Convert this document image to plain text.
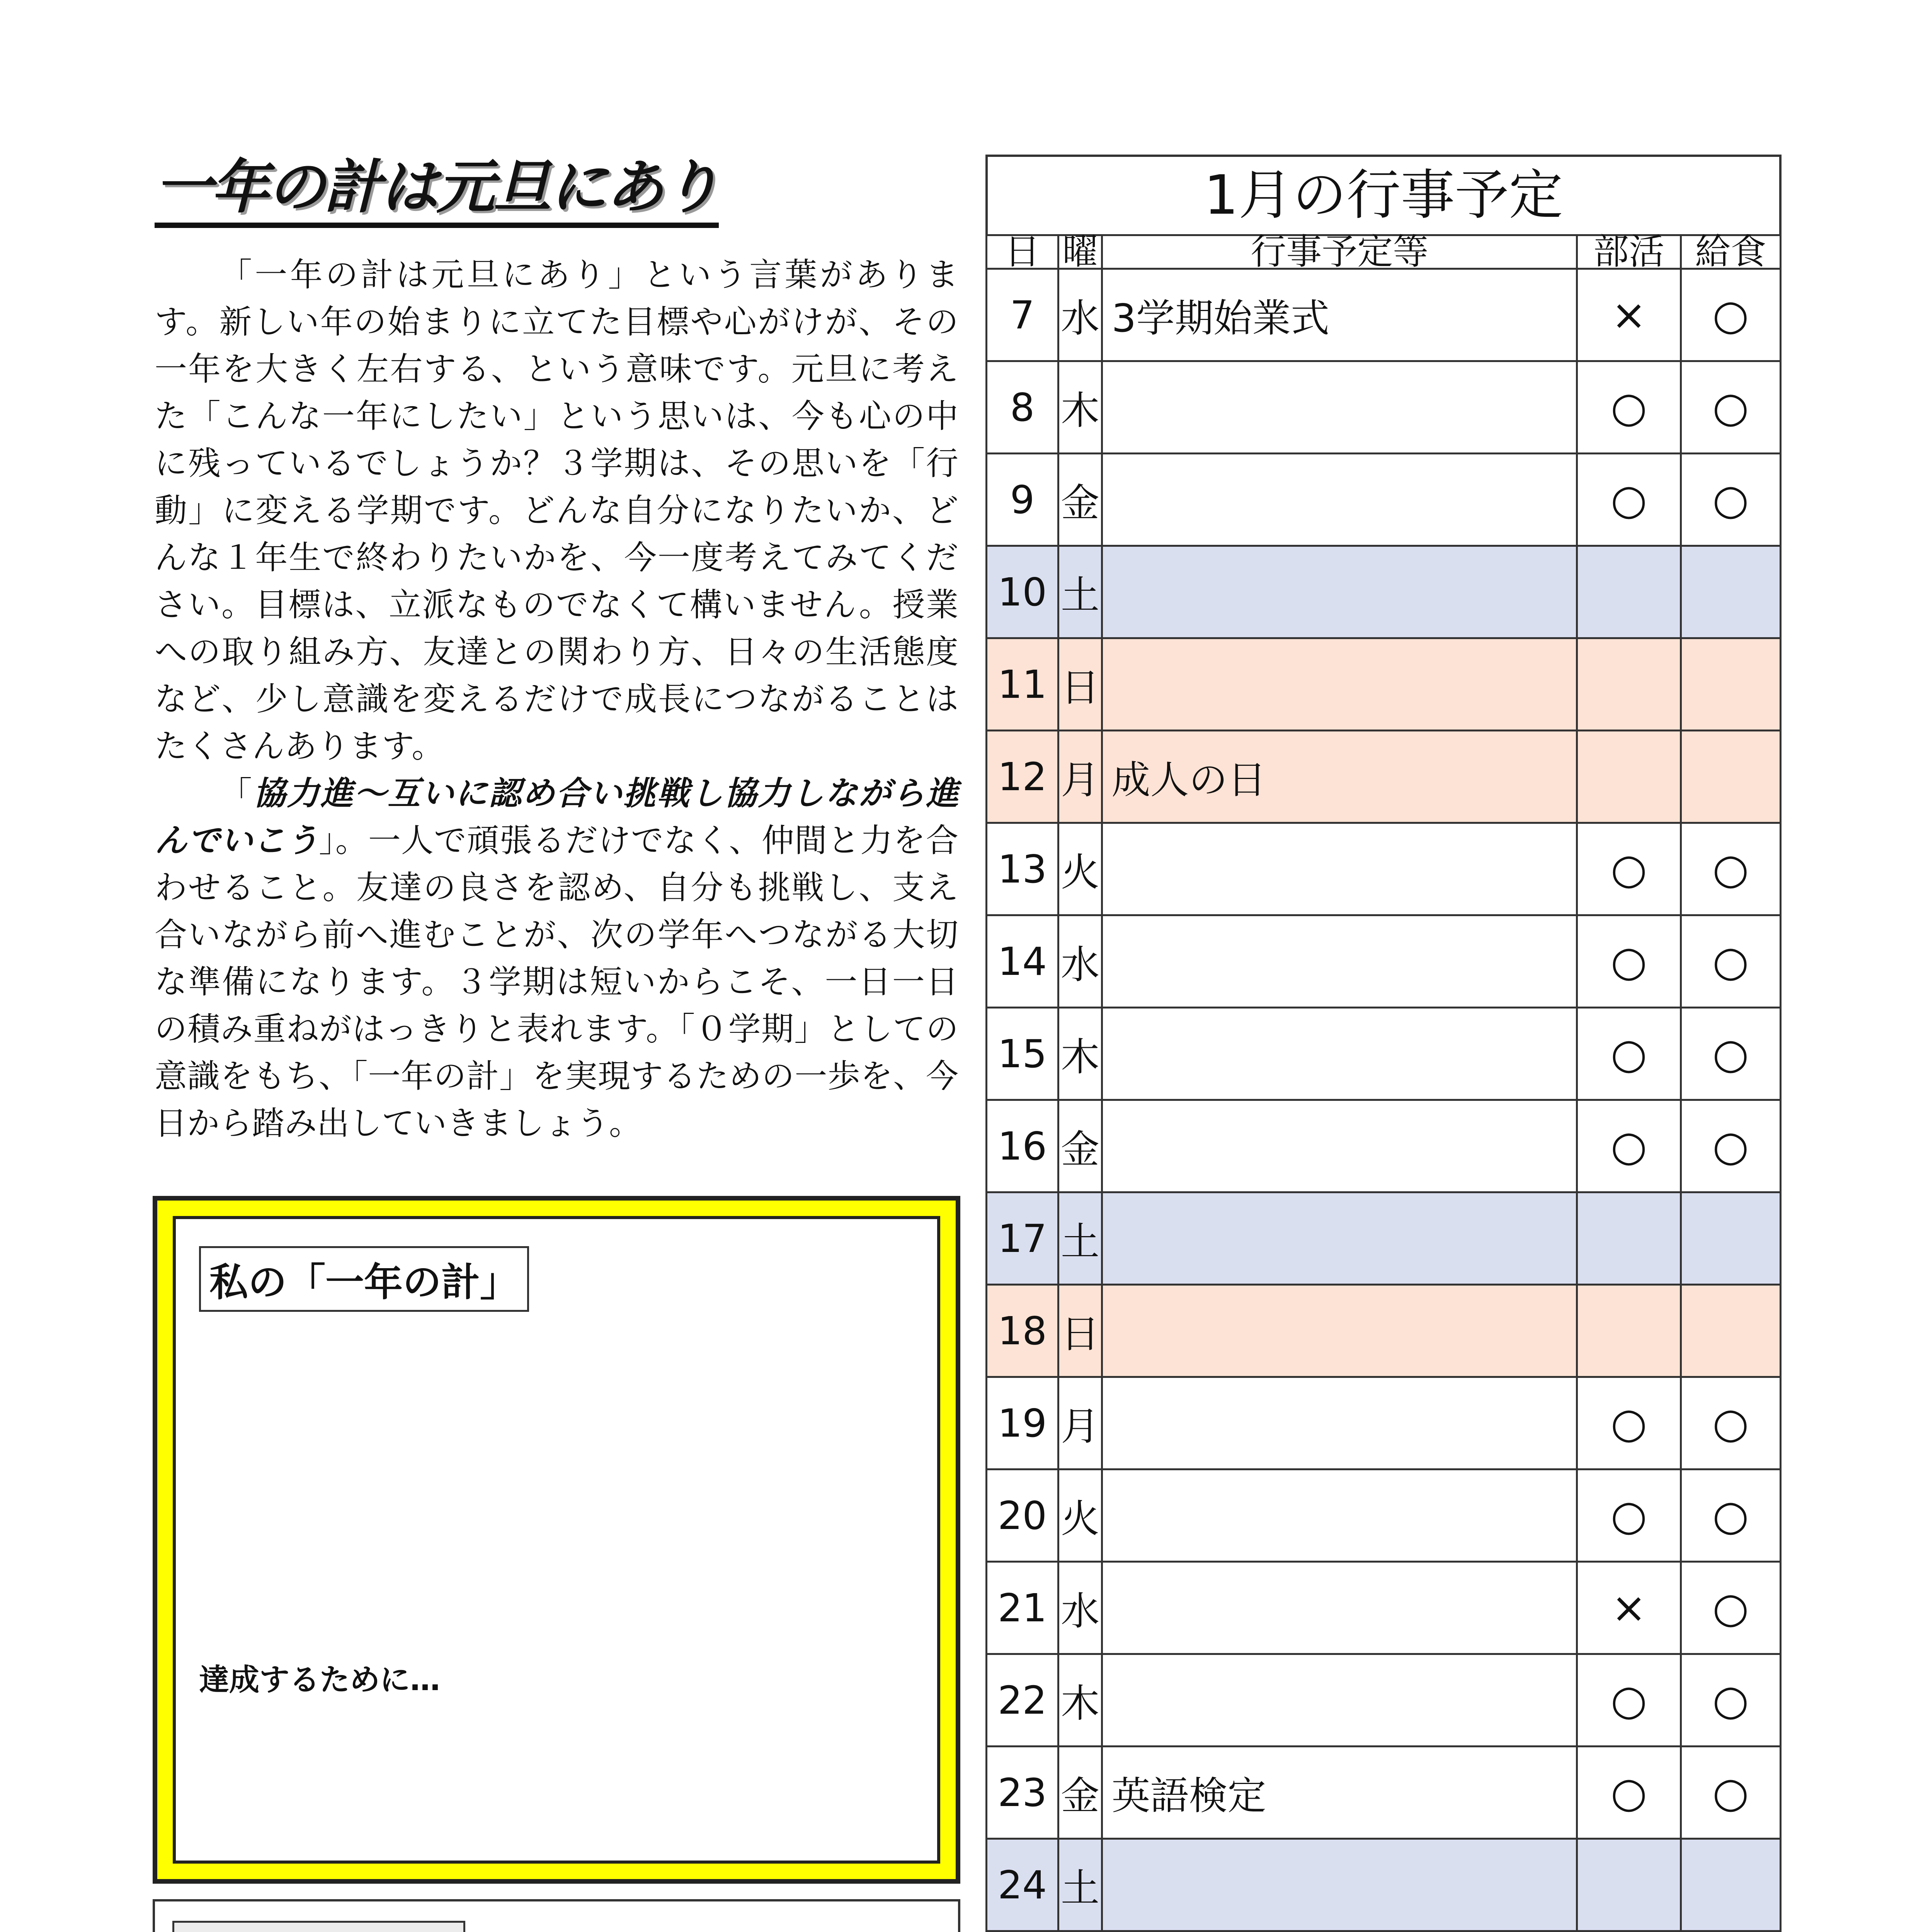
一年の計は元旦にあり

「一年の計は元旦にあり」という言葉があります。新しい年の始まりに立てた目標や心がけが、その一年を大きく左右する、という意味です。元旦に考えた「こんな一年にしたい」という思いは、今も心の中に残っているでしょうか？３学期は、その思いを「行動」に変える学期です。どんな自分になりたいか、どんな１年生で終わりたいかを、今一度考えてみてください。目標は、立派なものでなくて構いません。授業への取り組み方、友達との関わり方、日々の生活態度など、少し意識を変えるだけで成長につながることはたくさんあります。

「協力進～互いに認め合い挑戦し協力しながら進んでいこう」。一人で頑張るだけでなく、仲間と力を合わせること。友達の良さを認め、自分も挑戦し、支え合いながら前へ進むことが、次の学年へつながる大切な準備になります。３学期は短いからこそ、一日一日の積み重ねがはっきりと表れます。「０学期」としての意識をもち、「一年の計」を実現するための一歩を、今日から踏み出していきましょう。

私の「一年の計」
達成するために…

1月の行事予定
日	曜	行事予定等	部活	給食
7	水	3学期始業式	×	○
8	木		○	○
9	金		○	○
10	土			
11	日			
12	月	成人の日		
13	火		○	○
14	水		○	○
15	木		○	○
16	金		○	○
17	土			
18	日			
19	月		○	○
20	火		○	○
21	水		×	○
22	木		○	○
23	金	英語検定	○	○
24	土			
